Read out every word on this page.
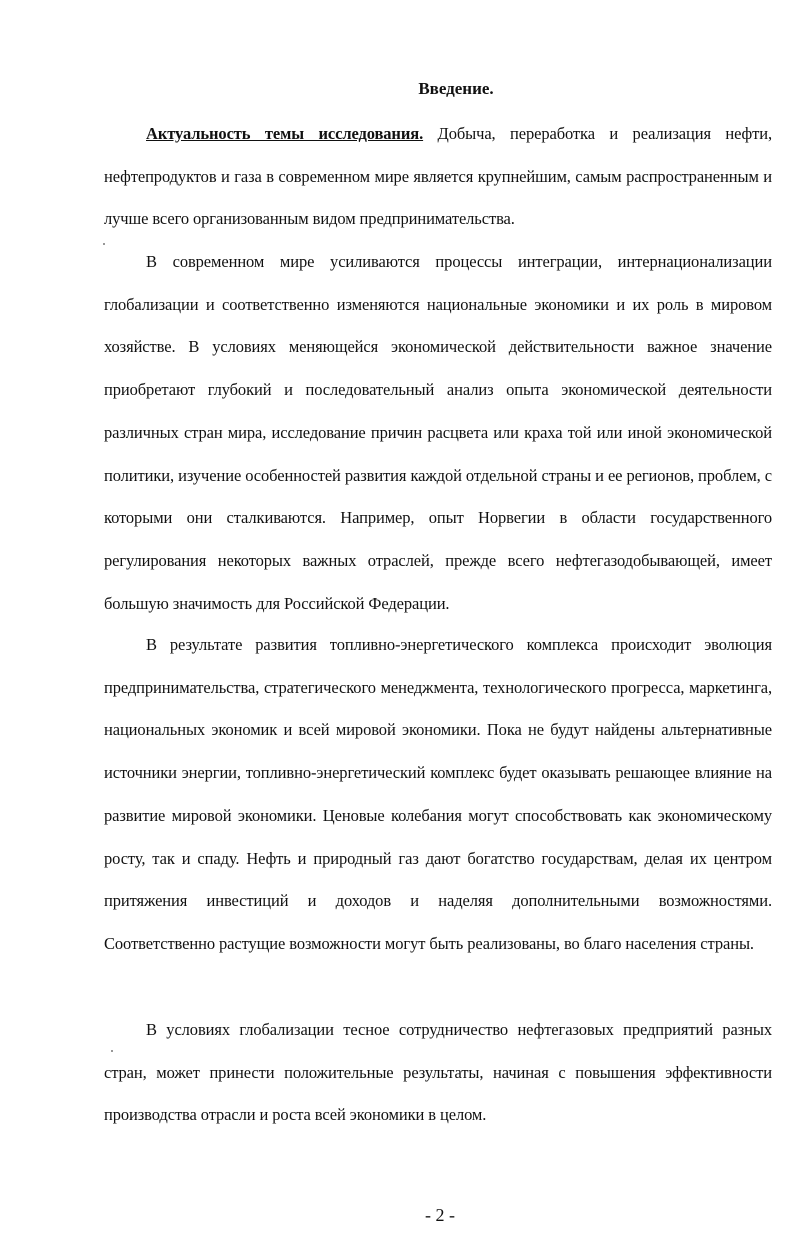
Введение.

Актуальность темы исследования. Добыча, переработка и реализация нефти, нефтепродуктов и газа в современном мире является крупнейшим, самым распространенным и лучше всего организованным видом предпринимательства.

В современном мире усиливаются процессы интеграции, интернационализации глобализации и соответственно изменяются национальные экономики и их роль в мировом хозяйстве. В условиях меняющейся экономической действительности важное значение приобретают глубокий и последовательный анализ опыта экономической деятельности различных стран мира, исследование причин расцвета или краха той или иной экономической политики, изучение особенностей развития каждой отдельной страны и ее регионов, проблем, с которыми они сталкиваются. Например, опыт Норвегии в области государственного регулирования некоторых важных отраслей, прежде всего нефтегазодобывающей, имеет большую значимость для Российской Федерации.

В результате развития топливно-энергетического комплекса происходит эволюция предпринимательства, стратегического менеджмента, технологического прогресса, маркетинга, национальных экономик и всей мировой экономики. Пока не будут найдены альтернативные источники энергии, топливно-энергетический комплекс будет оказывать решающее влияние на развитие мировой экономики. Ценовые колебания могут способствовать как экономическому росту, так и спаду. Нефть и природный газ дают богатство государствам, делая их центром притяжения инвестиций и доходов и наделяя дополнительными возможностями. Соответственно растущие возможности могут быть реализованы, во благо населения страны.

В условиях глобализации тесное сотрудничество нефтегазовых предприятий разных стран, может принести положительные результаты, начиная с повышения эффективности производства отрасли и роста всей экономики в целом.

- 2 -
